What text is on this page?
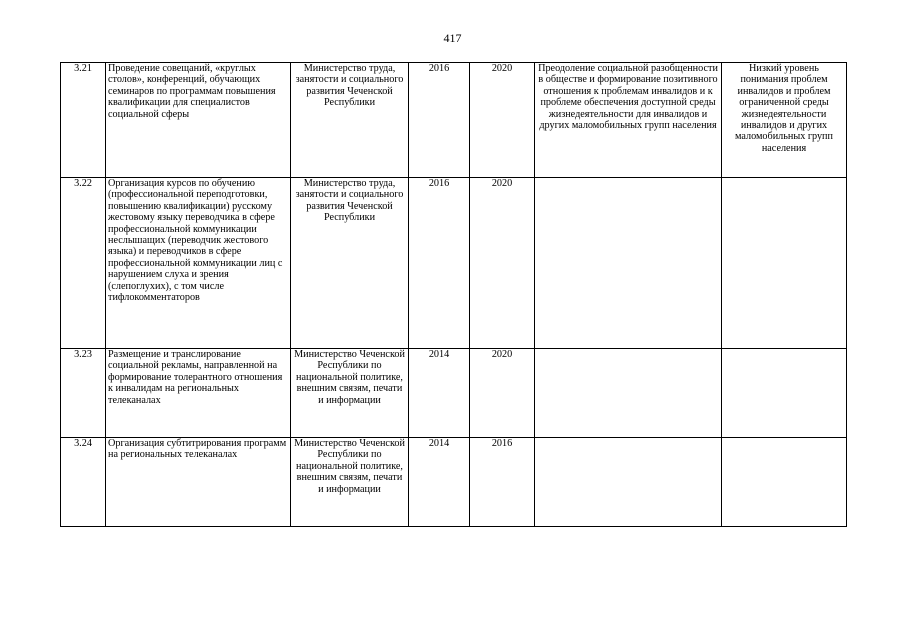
417
3.21	Проведение совещаний, «круглых столов», конференций, обучающих семинаров по программам повышения квалификации для специалистов социальной сферы	Министерство труда, занятости и социального развития Чеченской Республики	2016	2020	Преодоление социальной разобщенности в обществе и формирование позитивного отношения к проблемам инвалидов и к проблеме обеспечения доступной среды жизнедеятельности для инвалидов и других маломобильных групп населения	Низкий уровень понимания проблем инвалидов и проблем ограниченной среды жизнедеятельности инвалидов и других маломобильных групп населения
3.22	Организация курсов по обучению (профессиональной переподготовки, повышению квалификации) русскому жестовому языку переводчика в сфере профессиональной коммуникации неслышащих (переводчик жестового языка) и переводчиков в сфере профессиональной коммуникации лиц с нарушением слуха и зрения (слепоглухих), с том числе тифлокомментаторов	Министерство труда, занятости и социального развития Чеченской Республики	2016	2020		
3.23	Размещение и транслирование социальной рекламы, направленной на формирование толерантного отношения к инвалидам на региональных телеканалах	Министерство Чеченской Республики по национальной политике, внешним связям, печати и информации	2014	2020		
3.24	Организация субтитрирования программ на региональных телеканалах	Министерство Чеченской Республики по национальной политике, внешним связям, печати и информации	2014	2016		
